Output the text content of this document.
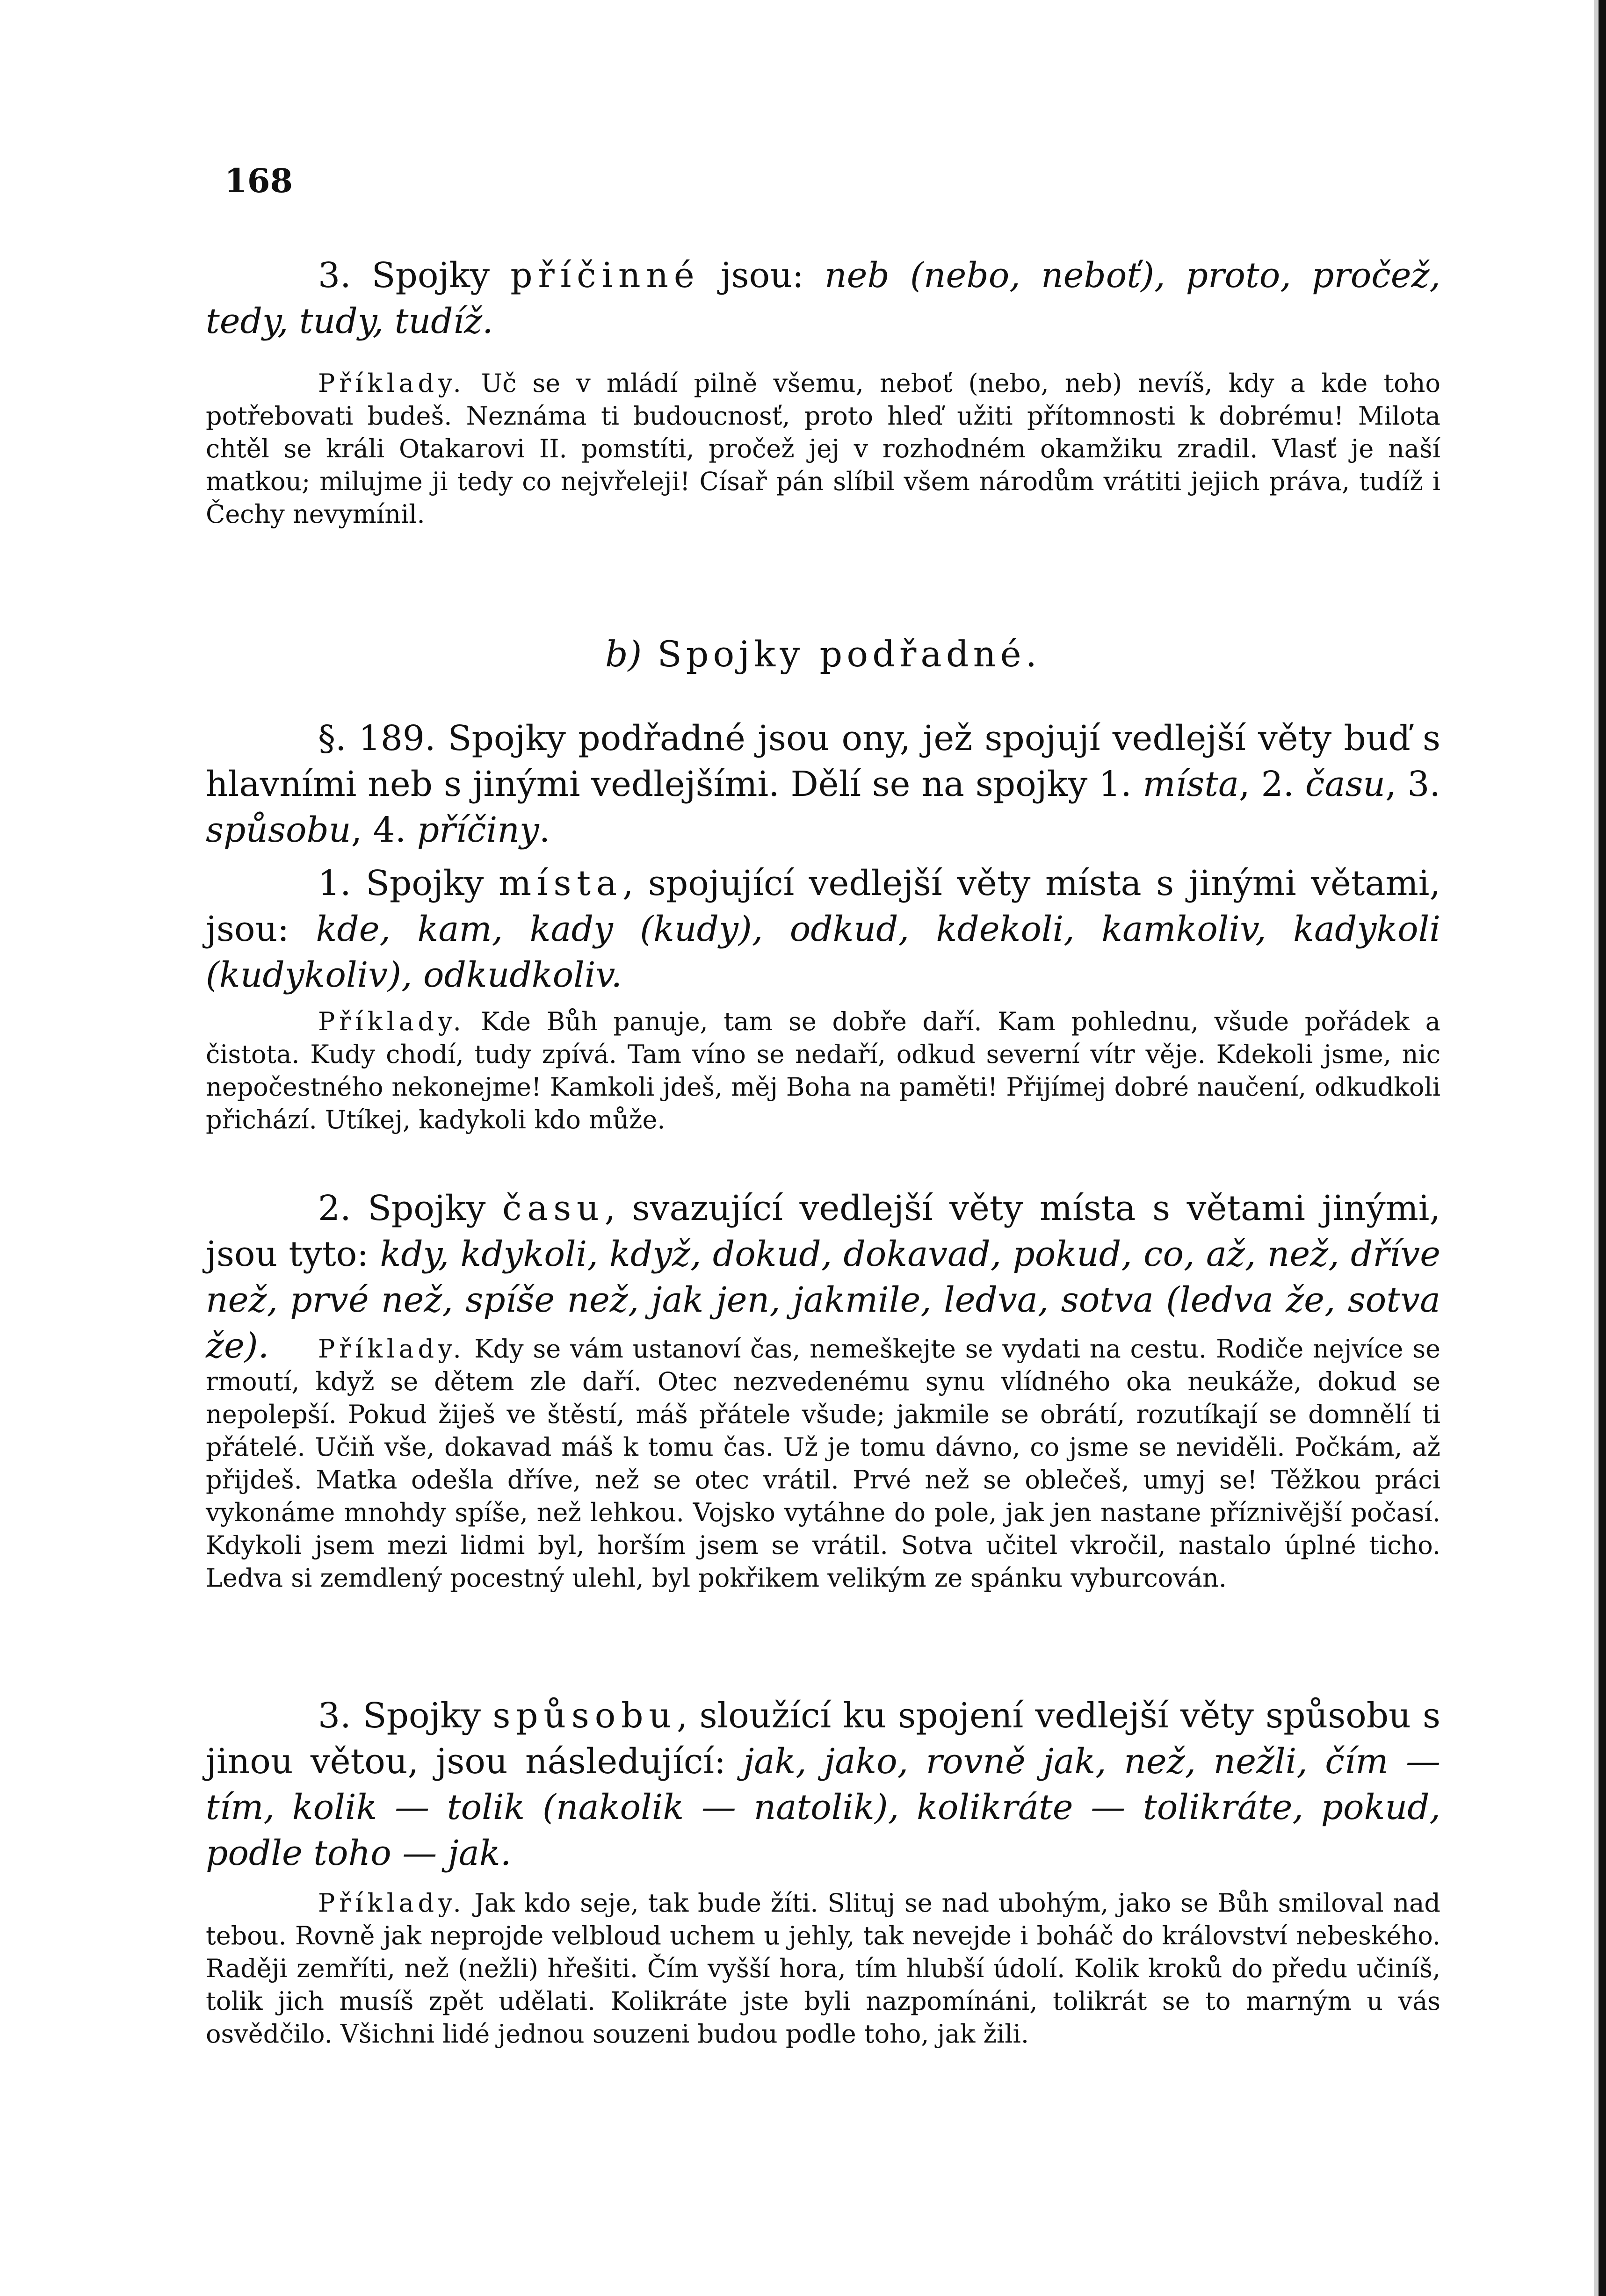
168
3. Spojky příčinné jsou: neb (nebo, neboť), proto, pročež, tedy, tudy, tudíž.
Příklady. Uč se v mládí pilně všemu, neboť (nebo, neb) nevíš, kdy a kde toho potřebovati budeš. Neznáma ti budoucnosť, proto hleď užiti přítomnosti k dobrému! Milota chtěl se králi Otakarovi II. pomstíti, pročež jej v rozhodném okamžiku zradil. Vlasť je naší matkou; milujme ji tedy co nejvřeleji! Císař pán slíbil všem národům vrátiti jejich práva, tudíž i Čechy nevymínil.
b) Spojky podřadné.
§. 189. Spojky podřadné jsou ony, jež spojují vedlejší věty buď s hlavními neb s jinými vedlejšími. Dělí se na spojky 1. místa, 2. času, 3. spůsobu, 4. příčiny.
1. Spojky místa, spojující vedlejší věty místa s jinými větami, jsou: kde, kam, kady (kudy), odkud, kdekoli, kamkoliv, kadykoli (kudykoliv), odkudkoliv.
Příklady. Kde Bůh panuje, tam se dobře daří. Kam pohlednu, všude pořádek a čistota. Kudy chodí, tudy zpívá. Tam víno se nedaří, odkud severní vítr věje. Kdekoli jsme, nic nepočestného nekonejme! Kamkoli jdeš, měj Boha na paměti! Přijímej dobré naučení, odkudkoli přichází. Utíkej, kadykoli kdo může.
2. Spojky času, svazující vedlejší věty místa s větami jinými, jsou tyto: kdy, kdykoli, když, dokud, dokavad, pokud, co, až, než, dříve než, prvé než, spíše než, jak jen, jakmile, ledva, sotva (ledva že, sotva že).	Příklady. Kdy se vám ustanoví čas, nemeškejte se vydati na cestu. Rodiče nejvíce se rmoutí, když se dětem zle daří. Otec nezvedenému synu vlídného oka neukáže, dokud se nepolepší. Pokud žiješ ve štěstí, máš přátele všude; jakmile se obrátí, rozutíkají se domnělí ti přátelé. Učiň vše, dokavad máš k tomu čas. Už je tomu dávno, co jsme se neviděli. Počkám, až přijdeš. Matka odešla dříve, než se otec vrátil. Prvé než se oblečeš, umyj se! Těžkou práci vykonáme mnohdy spíše, než lehkou. Vojsko vytáhne do pole, jak jen nastane příznivější počasí. Kdykoli jsem mezi lidmi byl, horším jsem se vrátil. Sotva učitel vkročil, nastalo úplné ticho. Ledva si zemdlený pocestný ulehl, byl pokřikem velikým ze spánku vyburcován.
3. Spojky spůsobu, sloužící ku spojení vedlejší věty spůsobu s jinou větou, jsou následující: jak, jako, rovně jak, než, nežli, čím — tím, kolik — tolik (nakolik — natolik), kolikráte — tolikráte, pokud, podle toho — jak.
Příklady. Jak kdo seje, tak bude žíti. Slituj se nad ubohým, jako se Bůh smiloval nad tebou. Rovně jak neprojde velbloud uchem u jehly, tak nevejde i boháč do království nebeského. Raději zemříti, než (nežli) hřešiti. Čím vyšší hora, tím hlubší údolí. Kolik kroků do předu učiníš, tolik jich musíš zpět udělati. Kolikráte jste byli nazpomínáni, tolikrát se to marným u vás osvědčilo. Všichni lidé jednou souzeni budou podle toho, jak žili.
